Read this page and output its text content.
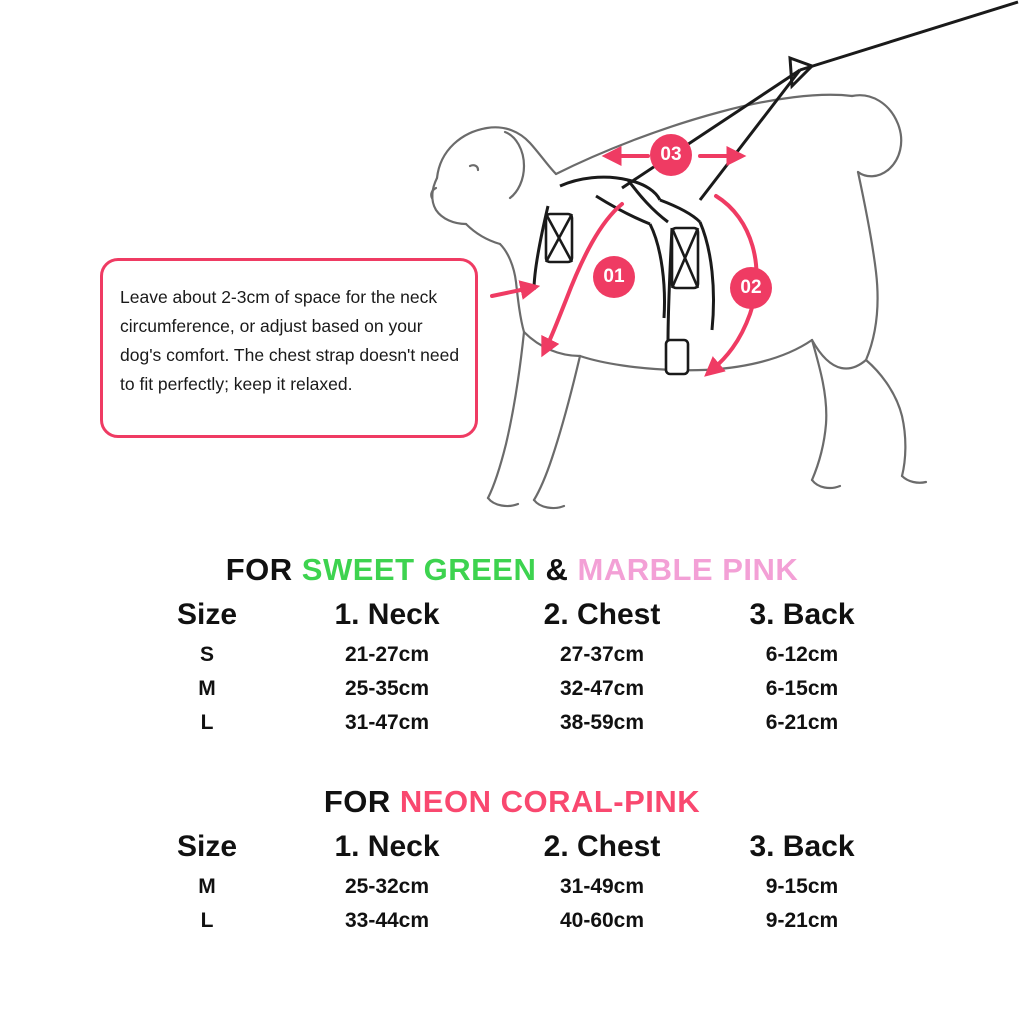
Leave about 2-3cm of space for the neck circumference, or adjust based on your dog's comfort. The chest strap doesn't need to fit perfectly; keep it relaxed.
01
02
03
FOR SWEET GREEN & MARBLE PINK
Size	1. Neck	2. Chest	3. Back
S	21-27cm	27-37cm	6-12cm
M	25-35cm	32-47cm	6-15cm
L	31-47cm	38-59cm	6-21cm
FOR NEON CORAL-PINK
Size	1. Neck	2. Chest	3. Back
M	25-32cm	31-49cm	9-15cm
L	33-44cm	40-60cm	9-21cm
